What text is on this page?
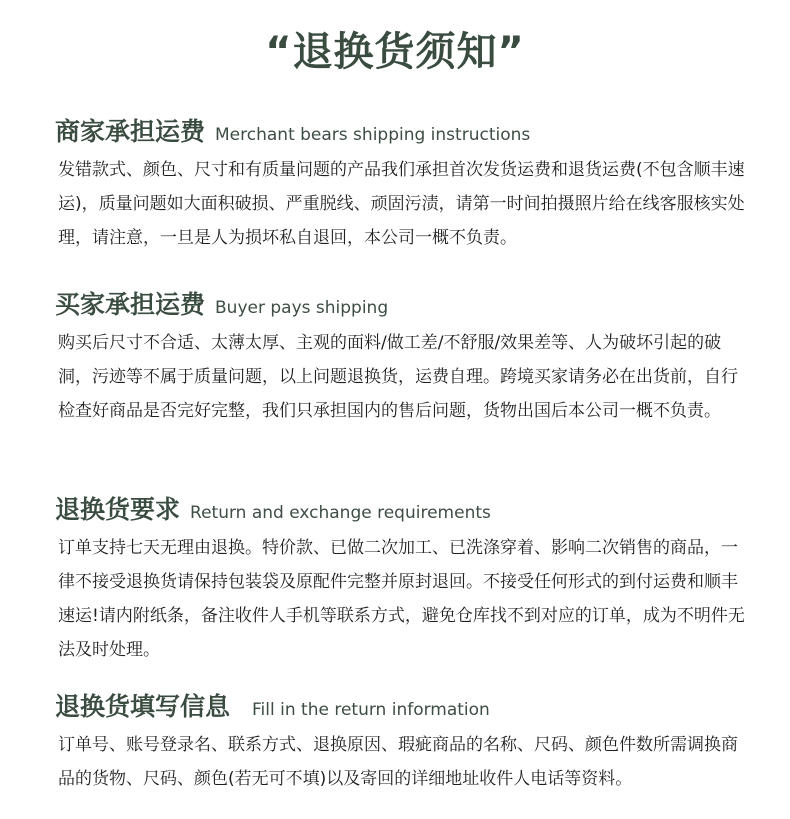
“退换货须知”
商家承担运费 Merchant bears shipping instructions
发错款式、颜色、尺寸和有质量问题的产品我们承担首次发货运费和退货运费(不包含顺丰速运)，质量问题如大面积破损、严重脱线、顽固污渍，请第一时间拍摄照片给在线客服核实处理，请注意，一旦是人为损坏私自退回，本公司一概不负责。
买家承担运费 Buyer pays shipping
购买后尺寸不合适、太薄太厚、主观的面料/做工差/不舒服/效果差等、人为破坏引起的破洞，污迹等不属于质量问题，以上问题退换货，运费自理。跨境买家请务必在出货前，自行检查好商品是否完好完整，我们只承担国内的售后问题，货物出国后本公司一概不负责。
退换货要求 Return and exchange requirements
订单支持七天无理由退换。特价款、已做二次加工、已洗涤穿着、影响二次销售的商品，一律不接受退换货请保持包装袋及原配件完整并原封退回。不接受任何形式的到付运费和顺丰速运!请内附纸条，备注收件人手机等联系方式，避免仓库找不到对应的订单，成为不明件无法及时处理。
退换货填写信息 Fill in the return information
订单号、账号登录名、联系方式、退换原因、瑕疵商品的名称、尺码、颜色件数所需调换商品的货物、尺码、颜色(若无可不填)以及寄回的详细地址收件人电话等资料。
